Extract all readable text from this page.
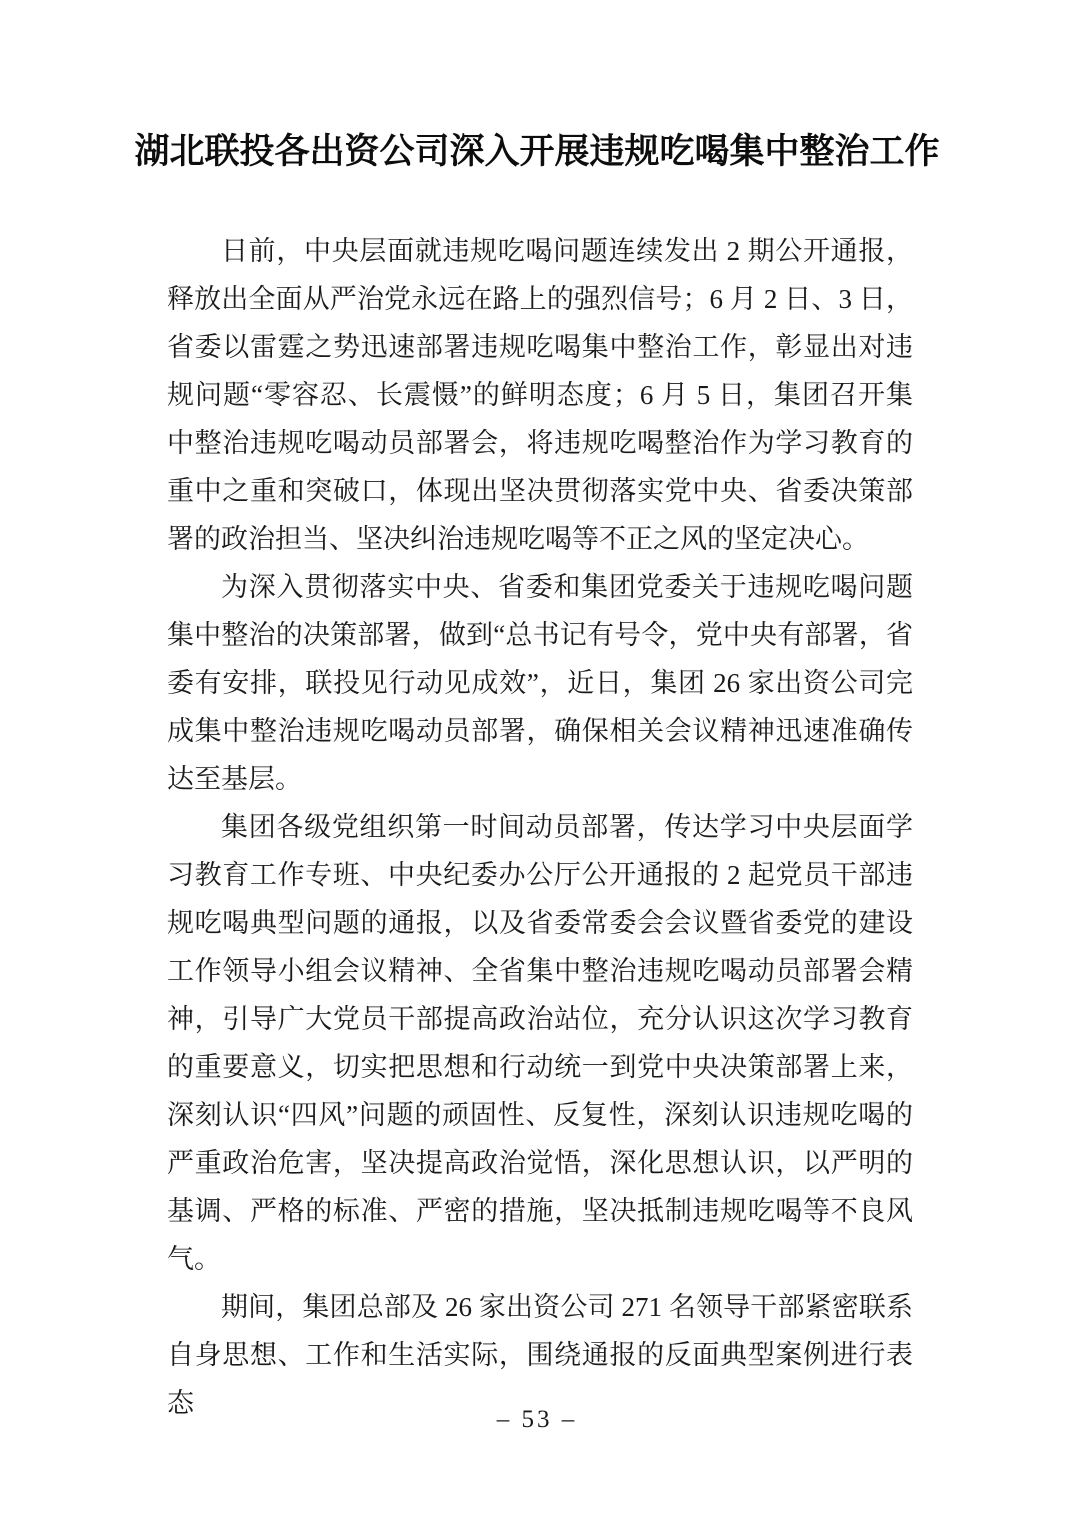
湖北联投各出资公司深入开展违规吃喝集中整治工作

日前，中央层面就违规吃喝问题连续发出 2 期公开通报，释放出全面从严治党永远在路上的强烈信号；6 月 2 日、3 日，省委以雷霆之势迅速部署违规吃喝集中整治工作，彰显出对违规问题“零容忍、长震慑”的鲜明态度；6 月 5 日，集团召开集中整治违规吃喝动员部署会，将违规吃喝整治作为学习教育的重中之重和突破口，体现出坚决贯彻落实党中央、省委决策部署的政治担当、坚决纠治违规吃喝等不正之风的坚定决心。

为深入贯彻落实中央、省委和集团党委关于违规吃喝问题集中整治的决策部署，做到“总书记有号令，党中央有部署，省委有安排，联投见行动见成效”，近日，集团 26 家出资公司完成集中整治违规吃喝动员部署，确保相关会议精神迅速准确传达至基层。

集团各级党组织第一时间动员部署，传达学习中央层面学习教育工作专班、中央纪委办公厅公开通报的 2 起党员干部违规吃喝典型问题的通报，以及省委常委会会议暨省委党的建设工作领导小组会议精神、全省集中整治违规吃喝动员部署会精神，引导广大党员干部提高政治站位，充分认识这次学习教育的重要意义，切实把思想和行动统一到党中央决策部署上来，深刻认识“四风”问题的顽固性、反复性，深刻认识违规吃喝的严重政治危害，坚决提高政治觉悟，深化思想认识，以严明的基调、严格的标准、严密的措施，坚决抵制违规吃喝等不良风气。

期间，集团总部及 26 家出资公司 271 名领导干部紧密联系自身思想、工作和生活实际，围绕通报的反面典型案例进行表态

– 53 –
